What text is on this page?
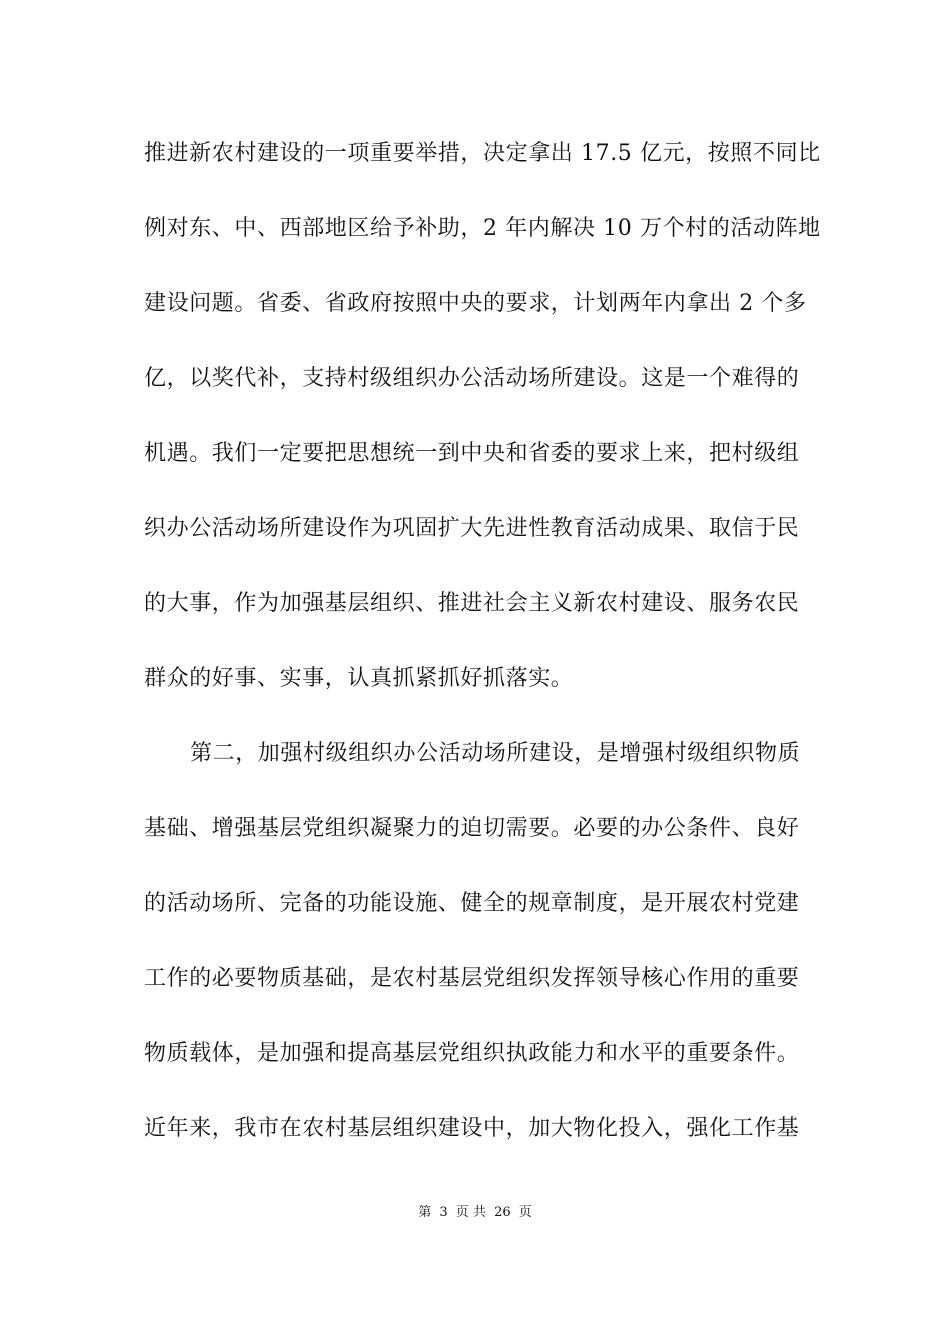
推进新农村建设的一项重要举措，决定拿出 17.5 亿元，按照不同比
例对东、中、西部地区给予补助，2 年内解决 10 万个村的活动阵地
建设问题。省委、省政府按照中央的要求，计划两年内拿出 2 个多
亿，以奖代补，支持村级组织办公活动场所建设。这是一个难得的
机遇。我们一定要把思想统一到中央和省委的要求上来，把村级组
织办公活动场所建设作为巩固扩大先进性教育活动成果、取信于民
的大事，作为加强基层组织、推进社会主义新农村建设、服务农民
群众的好事、实事，认真抓紧抓好抓落实。
第二，加强村级组织办公活动场所建设，是增强村级组织物质
基础、增强基层党组织凝聚力的迫切需要。必要的办公条件、良好
的活动场所、完备的功能设施、健全的规章制度，是开展农村党建
工作的必要物质基础，是农村基层党组织发挥领导核心作用的重要
物质载体，是加强和提高基层党组织执政能力和水平的重要条件。
近年来，我市在农村基层组织建设中，加大物化投入，强化工作基
第 3 页 共 26 页
